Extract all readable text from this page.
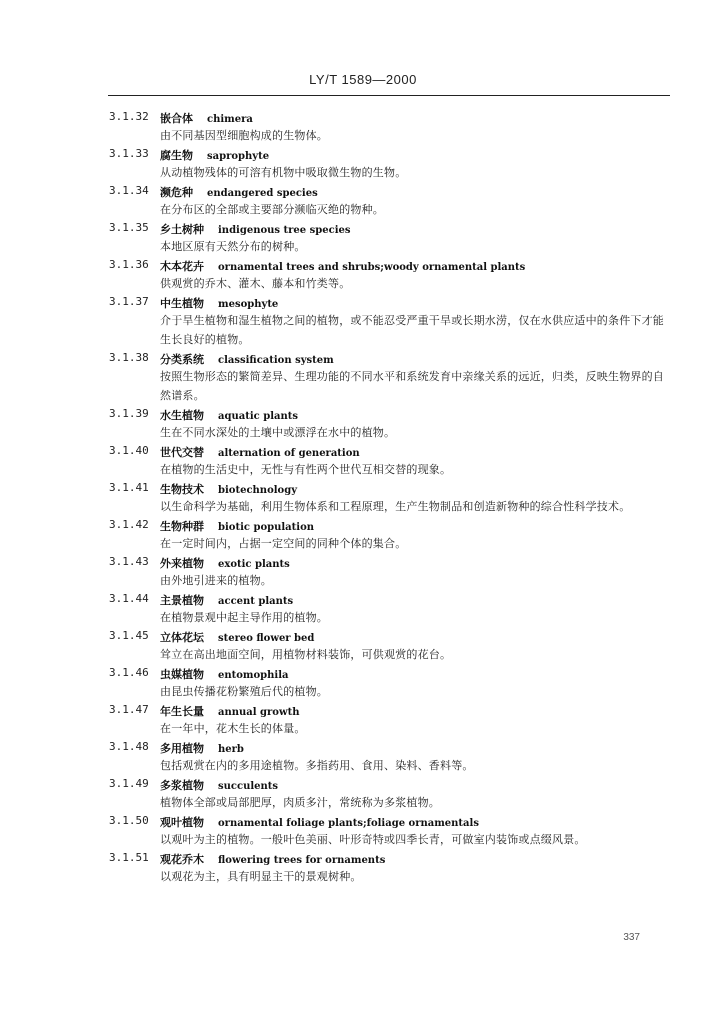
LY/T 1589—2000
3.1.32 嵌合体 chimera
由不同基因型细胞构成的生物体。
3.1.33 腐生物 saprophyte
从动植物残体的可溶有机物中吸取微生物的生物。
3.1.34 濒危种 endangered species
在分布区的全部或主要部分濒临灭绝的物种。
3.1.35 乡土树种 indigenous tree species
本地区原有天然分布的树种。
3.1.36 木本花卉 ornamental trees and shrubs;woody ornamental plants
供观赏的乔木、灌木、藤本和竹类等。
3.1.37 中生植物 mesophyte
介于旱生植物和湿生植物之间的植物，或不能忍受严重干旱或长期水涝，仅在水供应适中的条件下才能生长良好的植物。
3.1.38 分类系统 classification system
按照生物形态的繁简差异、生理功能的不同水平和系统发育中亲缘关系的远近，归类，反映生物界的自然谱系。
3.1.39 水生植物 aquatic plants
生在不同水深处的土壤中或漂浮在水中的植物。
3.1.40 世代交替 alternation of generation
在植物的生活史中，无性与有性两个世代互相交替的现象。
3.1.41 生物技术 biotechnology
以生命科学为基础，利用生物体系和工程原理，生产生物制品和创造新物种的综合性科学技术。
3.1.42 生物种群 biotic population
在一定时间内，占据一定空间的同种个体的集合。
3.1.43 外来植物 exotic plants
由外地引进来的植物。
3.1.44 主景植物 accent plants
在植物景观中起主导作用的植物。
3.1.45 立体花坛 stereo flower bed
耸立在高出地面空间，用植物材料装饰，可供观赏的花台。
3.1.46 虫媒植物 entomophila
由昆虫传播花粉繁殖后代的植物。
3.1.47 年生长量 annual growth
在一年中，花木生长的体量。
3.1.48 多用植物 herb
包括观赏在内的多用途植物。多指药用、食用、染料、香料等。
3.1.49 多浆植物 succulents
植物体全部或局部肥厚，肉质多汁，常统称为多浆植物。
3.1.50 观叶植物 ornamental foliage plants;foliage ornamentals
以观叶为主的植物。一般叶色美丽、叶形奇特或四季长青，可做室内装饰或点缀风景。
3.1.51 观花乔木 flowering trees for ornaments
以观花为主，具有明显主干的景观树种。
337
